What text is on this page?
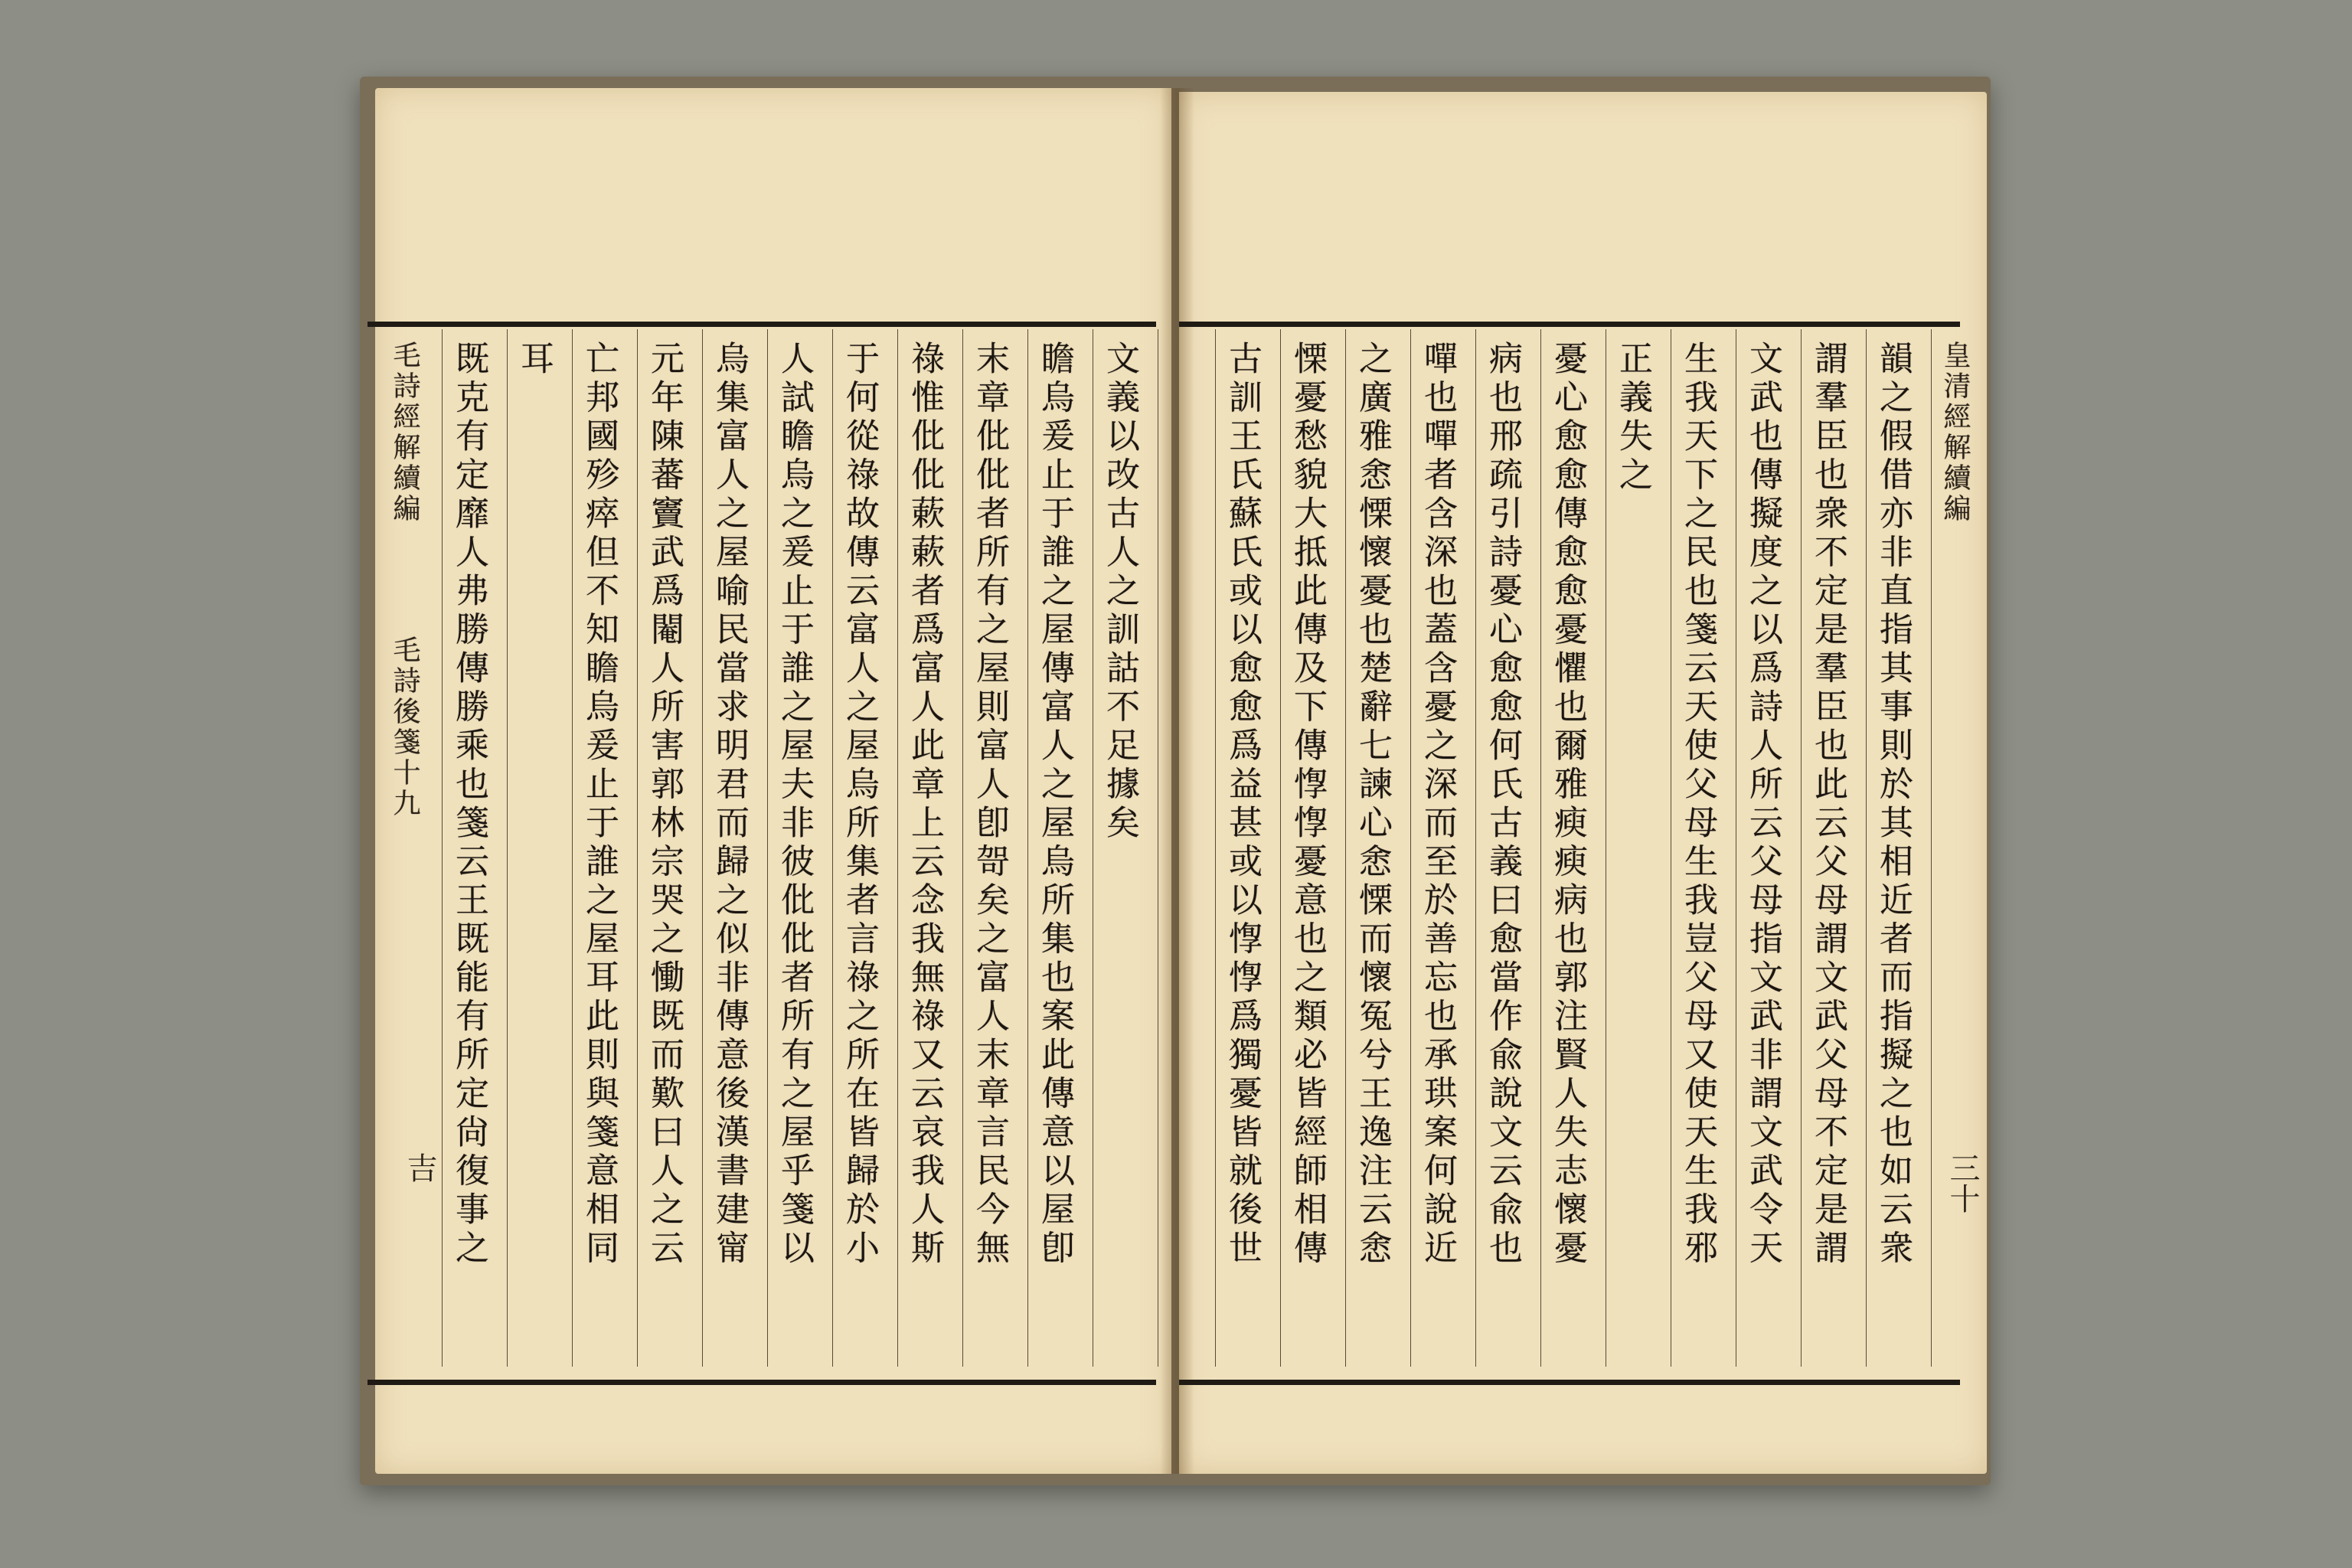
皇清經解續編
三十
韻之假借亦非直指其事則於其相近者而指擬之也如云衆
謂羣臣也衆不定是羣臣也此云父母謂文武父母不定是謂
文武也傳擬度之以爲詩人所云父母指文武非謂文武令天
生我天下之民也箋云天使父母生我豈父母又使天生我邪
正義失之
憂心愈愈傳愈愈憂懼也爾雅瘐瘐病也郭注賢人失志懷憂
病也邢疏引詩憂心愈愈何氏古義曰愈當作兪說文云兪也
嘽也嘽者含深也蓋含憂之深而至於善忘也承珙案何說近
之廣雅悆慄懷憂也楚辭七諫心悆慄而懷冤兮王逸注云悆
慄憂愁貌大抵此傳及下傳惸惸憂意也之類必皆經師相傳
古訓王氏蘇氏或以愈愈爲益甚或以惸惸爲獨憂皆就後世
文義以改古人之訓詁不足據矣
瞻烏爰止于誰之屋傳富人之屋烏所集也案此傳意以屋卽
末章仳仳者所有之屋則富人卽哿矣之富人末章言民今無
祿惟仳仳蔌蔌者爲富人此章上云念我無祿又云哀我人斯
于何從祿故傳云富人之屋烏所集者言祿之所在皆歸於小
人試瞻烏之爰止于誰之屋夫非彼仳仳者所有之屋乎箋以
烏集富人之屋喻民當求明君而歸之似非傳意後漢書建甯
元年陳蕃竇武爲閹人所害郭林宗哭之慟既而歎曰人之云
亡邦國殄瘁但不知瞻烏爰止于誰之屋耳此則與箋意相同
耳
既克有定靡人弗勝傳勝乘也箋云王既能有所定尙復事之
毛詩經解續編
毛詩後箋十九
吉
